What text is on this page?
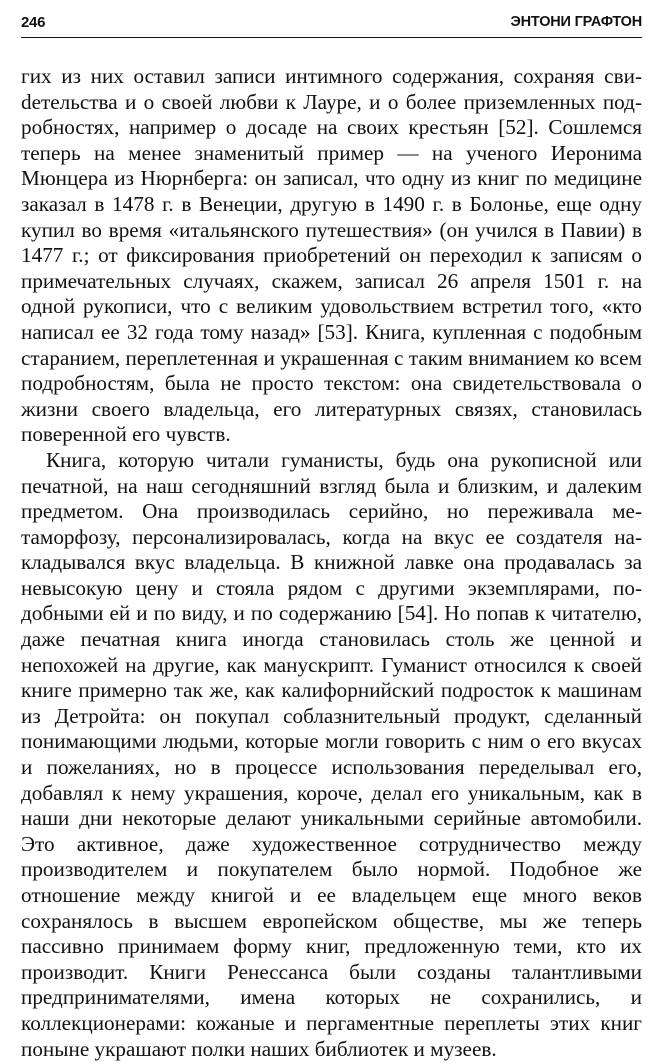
246	ЭНТОНИ ГРАФТОН

гих из них оставил записи интимного содержания, сохраняя свиdетельства и о своей любви к Лауре, и о более приземленных подробностях, например о досаде на своих крестьян [52]. Сошлемся теперь на менее знаменитый пример — на ученого Иеронима Мюнцера из Нюрнберга: он записал, что одну из книг по медицине заказал в 1478 г. в Венеции, другую в 1490 г. в Болонье, еще одну купил во время «итальянского путешествия» (он учился в Павии) в 1477 г.; от фиксирования приобретений он переходил к записям о примечательных случаях, скажем, записал 26 апреля 1501 г. на одной рукописи, что с великим удовольствием встретил того, «кто написал ее 32 года тому назад» [53]. Книга, купленная с подобным старанием, переплетенная и украшенная с таким вниманием ко всем подробностям, была не просто текстом: она свидетельствовала о жизни своего владельца, его литературных связях, становилась поверенной его чувств.

Книга, которую читали гуманисты, будь она рукописной или печатной, на наш сегодняшний взгляд была и близким, и далеким предметом. Она производилась серийно, но переживала метаморфозу, персонализировалась, когда на вкус ее создателя накладывался вкус владельца. В книжной лавке она продавалась за невысокую цену и стояла рядом с другими экземплярами, подобными ей и по виду, и по содержанию [54]. Но попав к читателю, даже печатная книга иногда становилась столь же ценной и непохожей на другие, как манускрипт. Гуманист относился к своей книге примерно так же, как калифорнийский подросток к машинам из Детройта: он покупал соблазнительный продукт, сделанный понимающими людьми, которые могли говорить с ним о его вкусах и пожеланиях, но в процессе использования переделывал его, добавлял к нему украшения, короче, делал его уникальным, как в наши дни некоторые делают уникальными серийные автомобили. Это активное, даже художественное сотрудничество между производителем и покупателем было нормой. Подобное же отношение между книгой и ее владельцем еще много веков сохранялось в высшем европейском обществе, мы же теперь пассивно принимаем форму книг, предложенную теми, кто их производит. Книги Ренессанса были созданы талантливыми предпринимателями, имена которых не сохранились, и коллекционерами: кожаные и пергаментные переплеты этих книг поныне украшают полки наших библиотек и музеев.
